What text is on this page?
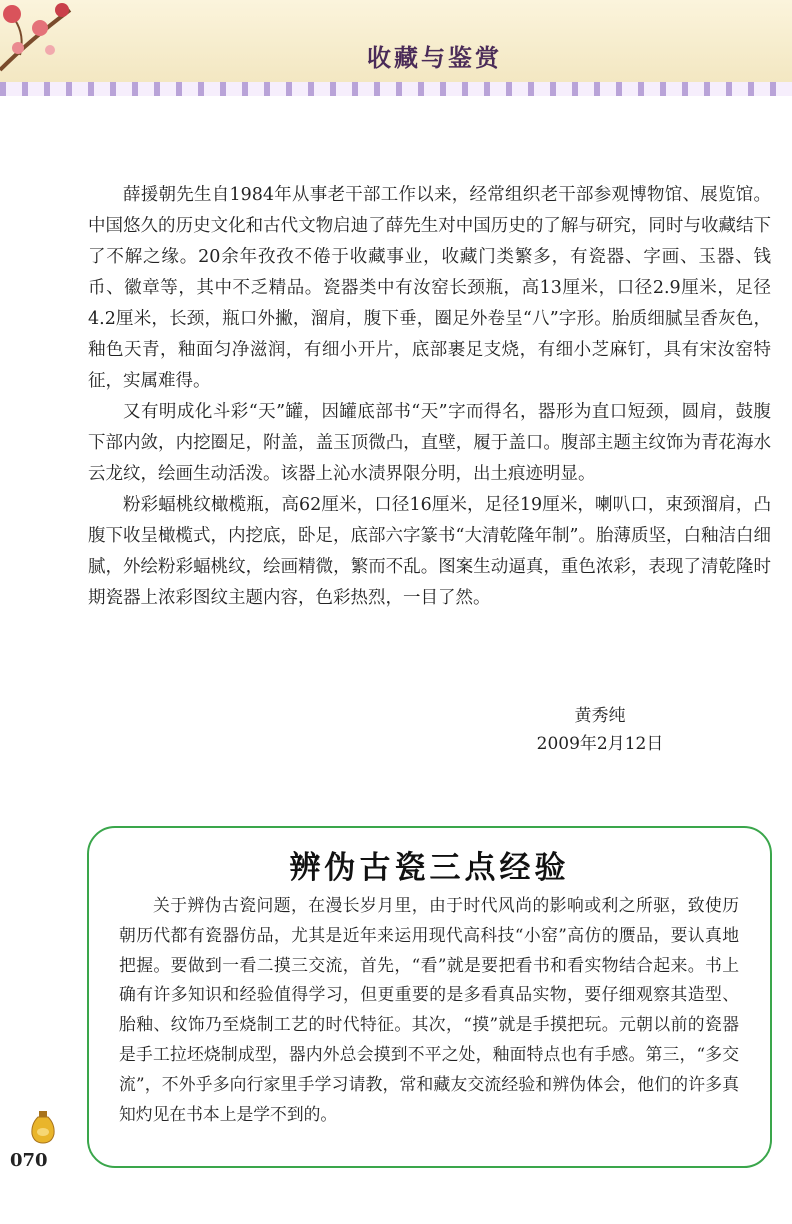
收藏与鉴赏

薛援朝先生自1984年从事老干部工作以来，经常组织老干部参观博物馆、展览馆。中国悠久的历史文化和古代文物启迪了薛先生对中国历史的了解与研究，同时与收藏结下了不解之缘。20余年孜孜不倦于收藏事业，收藏门类繁多，有瓷器、字画、玉器、钱币、徽章等，其中不乏精品。瓷器类中有汝窑长颈瓶，高13厘米，口径2.9厘米，足径4.2厘米，长颈，瓶口外撇，溜肩，腹下垂，圈足外卷呈“八”字形。胎质细腻呈香灰色，釉色天青，釉面匀净滋润，有细小开片，底部裹足支烧，有细小芝麻钉，具有宋汝窑特征，实属难得。

又有明成化斗彩“天”罐，因罐底部书“天”字而得名，器形为直口短颈，圆肩，鼓腹下部内敛，内挖圈足，附盖，盖玉顶微凸，直壁，履于盖口。腹部主题主纹饰为青花海水云龙纹，绘画生动活泼。该器上沁水渍界限分明，出土痕迹明显。

粉彩蝠桃纹橄榄瓶，高62厘米，口径16厘米，足径19厘米，喇叭口，束颈溜肩，凸腹下收呈橄榄式，内挖底，卧足，底部六字篆书“大清乾隆年制”。胎薄质坚，白釉洁白细腻，外绘粉彩蝠桃纹，绘画精微，繁而不乱。图案生动逼真，重色浓彩，表现了清乾隆时期瓷器上浓彩图纹主题内容，色彩热烈，一目了然。

黄秀纯
2009年2月12日
辨伪古瓷三点经验

关于辨伪古瓷问题，在漫长岁月里，由于时代风尚的影响或利之所驱，致使历朝历代都有瓷器仿品，尤其是近年来运用现代高科技“小窑”高仿的赝品，要认真地把握。要做到一看二摸三交流，首先，“看”就是要把看书和看实物结合起来。书上确有许多知识和经验值得学习，但更重要的是多看真品实物，要仔细观察其造型、胎釉、纹饰乃至烧制工艺的时代特征。其次，“摸”就是手摸把玩。元朝以前的瓷器是手工拉坯烧制成型，器内外总会摸到不平之处，釉面特点也有手感。第三，“多交流”，不外乎多向行家里手学习请教，常和藏友交流经验和辨伪体会，他们的许多真知灼见在书本上是学不到的。

070
